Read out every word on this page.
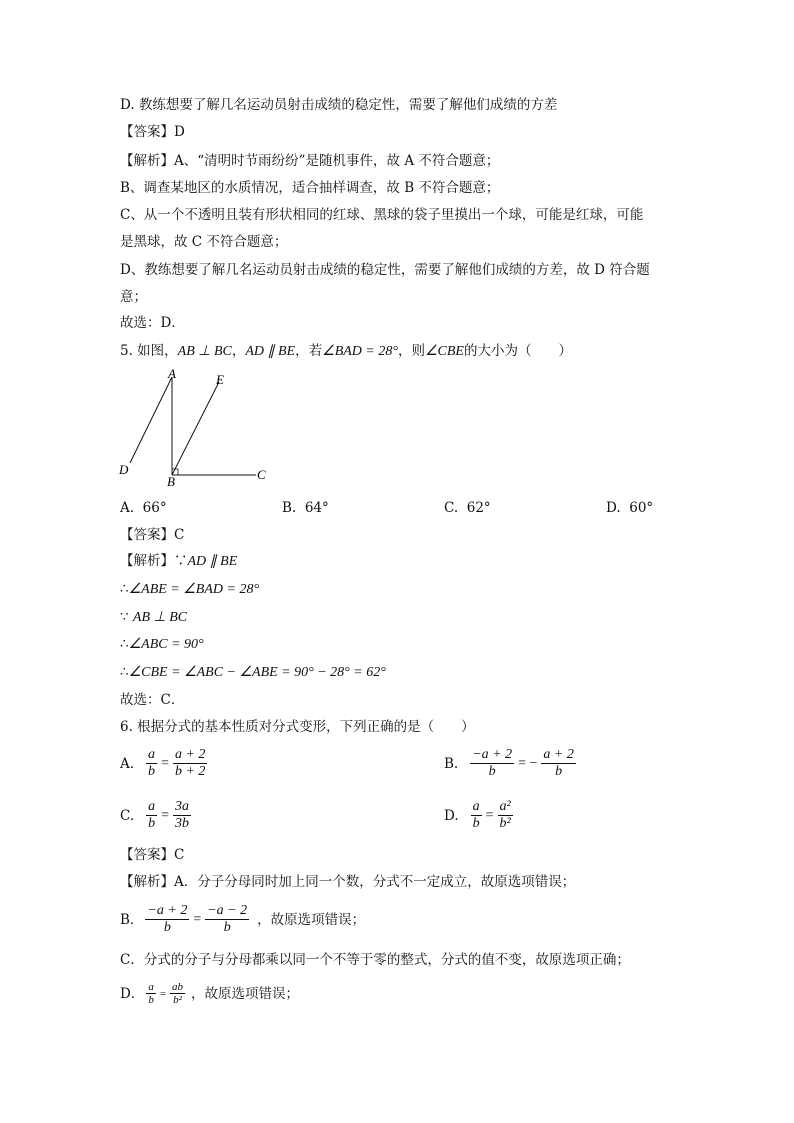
D. 教练想要了解几名运动员射击成绩的稳定性，需要了解他们成绩的方差
【答案】D
【解析】A、“清明时节雨纷纷”是随机事件，故 A 不符合题意；
B、调查某地区的水质情况，适合抽样调查，故 B 不符合题意；
C、从一个不透明且装有形状相同的红球、黑球的袋子里摸出一个球，可能是红球，可能
是黑球，故 C 不符合题意；
D、教练想要了解几名运动员射击成绩的稳定性，需要了解他们成绩的方差，故 D 符合题
意；
故选：D．
5. 如图，AB ⊥ BC，AD ∥ BE，若∠BAD = 28°，则∠CBE的大小为（　　）
A	E
D
B	C
A. 66°	B. 64°	C. 62°	D. 60°
【答案】C
【解析】∵AD ∥ BE
∴∠ABE = ∠BAD = 28°
∵ AB ⊥ BC
∴∠ABC = 90°
∴∠CBE = ∠ABC − ∠ABE = 90° − 28° = 62°
故选：C．
6. 根据分式的基本性质对分式变形，下列正确的是（　　）
A. $\frac{a}{b} = \frac{a + 2}{b + 2}$	B. $\frac{-a + 2}{b}$ = − $\frac{a + 2}{b}$
C. $\frac{a}{b} = \frac{3a}{3b}$	D. $\frac{a}{b} = \frac{\text{a²}}{\text{b²}}$
【答案】C
【解析】A．分子分母同时加上同一个数，分式不一定成立，故原选项错误；
B． $\frac{-a + 2}{b} = \frac{-a - 2}{b}$ ，故原选项错误；
C．分式的分子与分母都乘以同一个不等于零的整式，分式的值不变，故原选项正确；
D． $\frac{a}{b} = \frac{ab}{\text{b²}}$ ，故原选项错误；
